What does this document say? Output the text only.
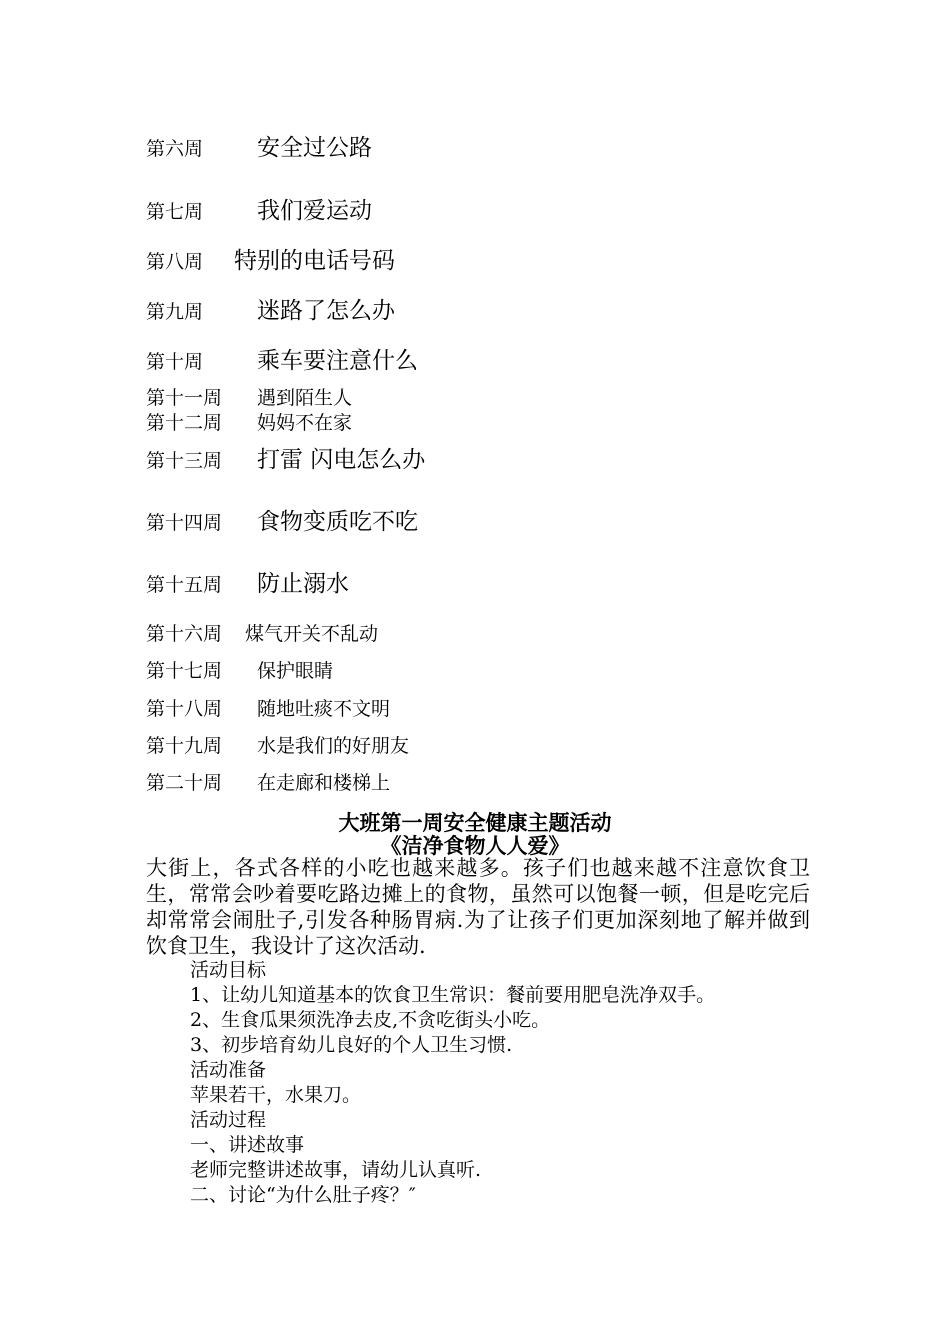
第六周 安全过公路
第七周 我们爱运动
第八周 特别的电话号码
第九周 迷路了怎么办
第十周 乘车要注意什么
第十一周 遇到陌生人
第十二周 妈妈不在家
第十三周 打雷 闪电怎么办
第十四周 食物变质吃不吃
第十五周 防止溺水
第十六周 煤气开关不乱动
第十七周 保护眼睛
第十八周 随地吐痰不文明
第十九周 水是我们的好朋友
第二十周 在走廊和楼梯上
大班第一周安全健康主题活动
《洁净食物人人爱》
大街上，各式各样的小吃也越来越多。孩子们也越来越不注意饮食卫生，常常会吵着要吃路边摊上的食物，虽然可以饱餐一顿，但是吃完后却常常会闹肚子,引发各种肠胃病.为了让孩子们更加深刻地了解并做到饮食卫生，我设计了这次活动.
活动目标
1、让幼儿知道基本的饮食卫生常识：餐前要用肥皂洗净双手。
2、生食瓜果须洗净去皮,不贪吃街头小吃。
3、初步培育幼儿良好的个人卫生习惯.
活动准备
苹果若干，水果刀。
活动过程
一、讲述故事
老师完整讲述故事，请幼儿认真听.
二、讨论“为什么肚子疼？″
